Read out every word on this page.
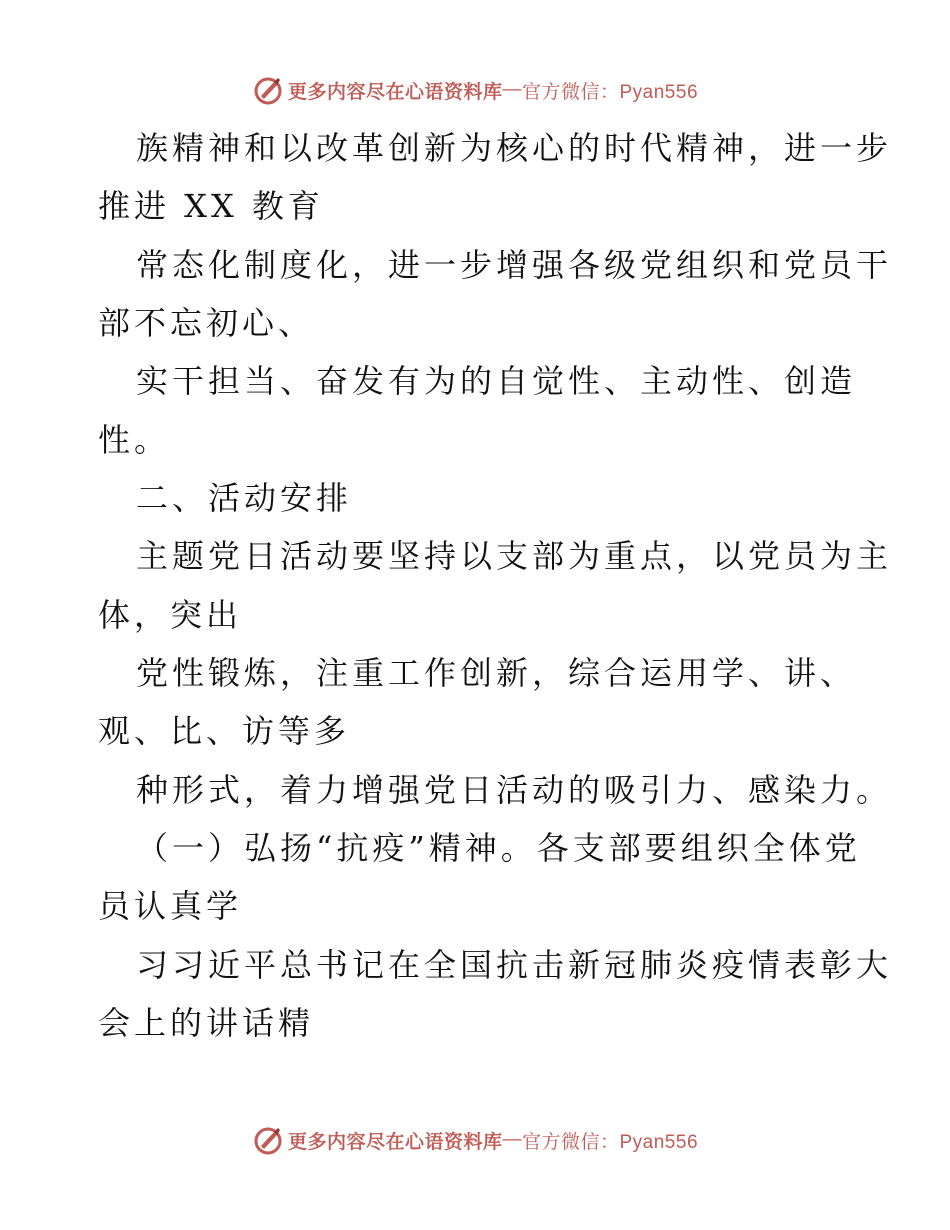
更多内容尽在心语资料库 — 官方微信：Pyan556
族精神和以改革创新为核心的时代精神，进一步
推进 XX 教育
常态化制度化，进一步增强各级党组织和党员干
部不忘初心、
实干担当、奋发有为的自觉性、主动性、创造
性。
二、活动安排
主题党日活动要坚持以支部为重点，以党员为主
体，突出
党性锻炼，注重工作创新，综合运用学、讲、
观、比、访等多
种形式，着力增强党日活动的吸引力、感染力。
（一）弘扬“抗疫”精神。各支部要组织全体党
员认真学
习习近平总书记在全国抗击新冠肺炎疫情表彰大
会上的讲话精
更多内容尽在心语资料库 — 官方微信：Pyan556
